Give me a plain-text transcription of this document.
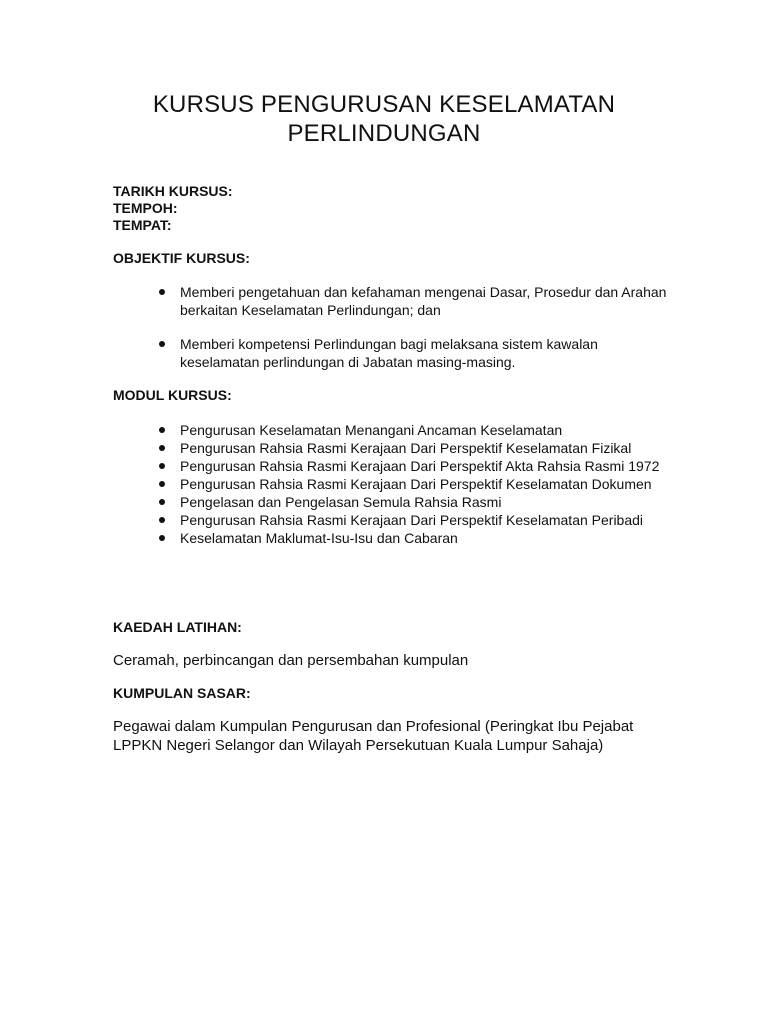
KURSUS PENGURUSAN KESELAMATAN
PERLINDUNGAN
TARIKH KURSUS:
TEMPOH:
TEMPAT:
OBJEKTIF KURSUS:
Memberi pengetahuan dan kefahaman mengenai Dasar, Prosedur dan Arahan berkaitan Keselamatan Perlindungan; dan
Memberi kompetensi Perlindungan bagi melaksana sistem kawalan keselamatan perlindungan di Jabatan masing-masing.
MODUL KURSUS:
Pengurusan Keselamatan Menangani Ancaman Keselamatan
Pengurusan Rahsia Rasmi Kerajaan Dari Perspektif Keselamatan Fizikal
Pengurusan Rahsia Rasmi Kerajaan Dari Perspektif Akta Rahsia Rasmi 1972
Pengurusan Rahsia Rasmi Kerajaan Dari Perspektif Keselamatan Dokumen
Pengelasan dan Pengelasan Semula Rahsia Rasmi
Pengurusan Rahsia Rasmi Kerajaan Dari Perspektif Keselamatan Peribadi
Keselamatan Maklumat-Isu-Isu dan Cabaran
KAEDAH LATIHAN:
Ceramah, perbincangan dan persembahan kumpulan
KUMPULAN SASAR:
Pegawai dalam Kumpulan Pengurusan dan Profesional (Peringkat Ibu Pejabat LPPKN Negeri Selangor dan Wilayah Persekutuan Kuala Lumpur Sahaja)
